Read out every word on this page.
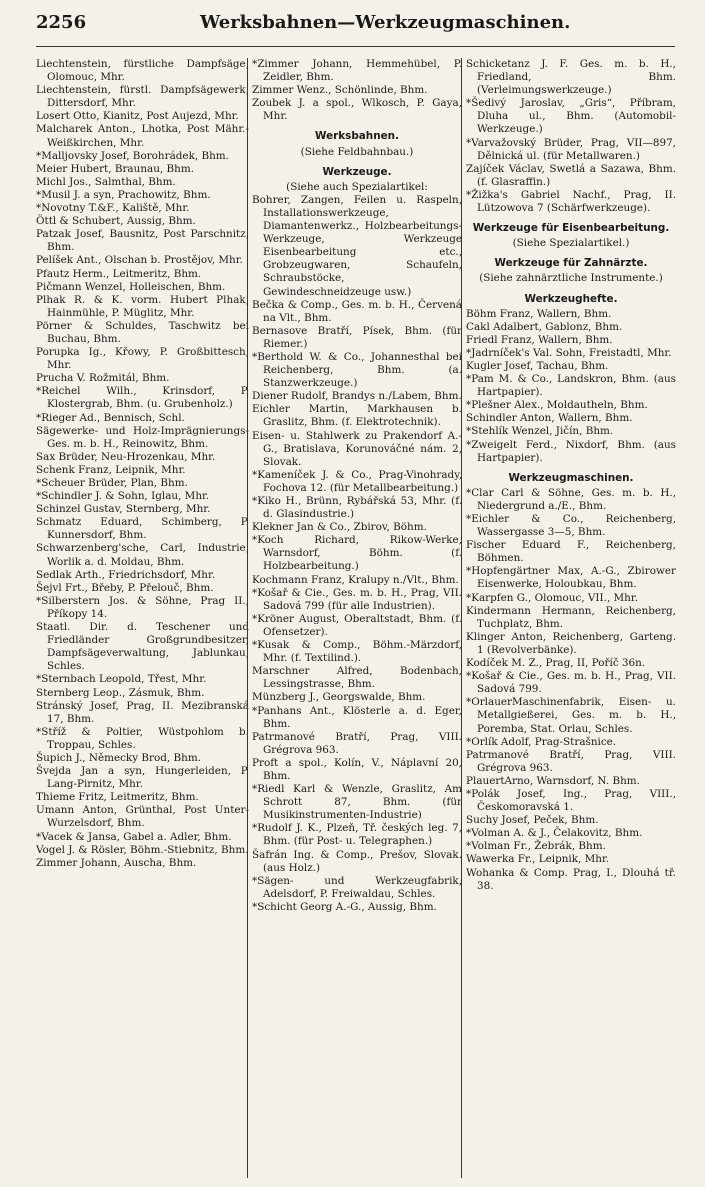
2256	Werksbahnen—Werkzeugmaschinen.
Liechtenstein, fürstliche Dampfsäge, Olomouc, Mhr.
Liechtenstein, fürstl. Dampfsägewerk, Dittersdorf, Mhr.
Losert Otto, Kianitz, Post Aujezd, Mhr.
Malcharek Anton., Lhotka, Post Mähr.-Weißkirchen, Mhr.
*Malljovsky Josef, Borohrádek, Bhm.
Meier Hubert, Braunau, Bhm.
Michl Jos., Salmthal, Bhm.
*Musil J. a syn, Prachowitz, Bhm.
*Novotny T.&F., Kaliště, Mhr.
Öttl & Schubert, Aussig, Bhm.
Patzak Josef, Bausnitz, Post Parschnitz, Bhm.
Pelíšek Ant., Olschan b. Prostějov, Mhr.
Pfautz Herm., Leitmeritz, Bhm.
Pičmann Wenzel, Holleischen, Bhm.
Plhak R. & K. vorm. Hubert Plhak, Hainmühle, P. Müglitz, Mhr.
Pörner & Schuldes, Taschwitz bei Buchau, Bhm.
Porupka Ig., Křowy, P. Großbittesch, Mhr.
Prucha V. Rožmitál, Bhm.
*Reichel Wilh., Krinsdorf, P. Klostergrab, Bhm. (u. Grubenholz.)
*Rieger Ad., Bennisch, Schl.
Sägewerke- und Holz-Imprägnierungs-Ges. m. b. H., Reinowitz, Bhm.
Sax Brüder, Neu-Hrozenkau, Mhr.
Schenk Franz, Leipnik, Mhr.
*Scheuer Brüder, Plan, Bhm.
*Schindler J. & Sohn, Iglau, Mhr.
Schinzel Gustav, Sternberg, Mhr.
Schmatz Eduard, Schimberg, P. Kunnersdorf, Bhm.
Schwarzenberg'sche, Carl, Industrie, Worlik a. d. Moldau, Bhm.
Sedlak Arth., Friedrichsdorf, Mhr.
Šejvl Frt., Břeby, P. Přelouč, Bhm.
*Silberstern Jos. & Söhne, Prag II., Příkopy 14.
Staatl. Dir. d. Teschener und Friedländer Großgrundbesitzer, Dampfsägeverwaltung, Jablunkau, Schles.
*Sternbach Leopold, Třest, Mhr.
Sternberg Leop., Zásmuk, Bhm.
Stránský Josef, Prag, II. Mezibranská 17, Bhm.
*Stříž & Poltier, Wüstpohlom b. Troppau, Schles.
Šupich J., Německy Brod, Bhm.
Švejda Jan a syn, Hungerleiden, P. Lang-Pirnitz, Mhr.
Thieme Fritz, Leitmeritz, Bhm.
Umann Anton, Grünthal, Post Unter-Wurzelsdorf, Bhm.
*Vacek & Jansa, Gabel a. Adler, Bhm.
Vogel J. & Rösler, Böhm.-Stiebnitz, Bhm.
Zimmer Johann, Auscha, Bhm.
*Zimmer Johann, Hemmehübel, P. Zeidler, Bhm.
Zimmer Wenz., Schönlinde, Bhm.
Zoubek J. a spol., Wlkosch, P. Gaya, Mhr.
Werksbahnen.
(Siehe Feldbahnbau.)
Werkzeuge.
(Siehe auch Spezialartikel:
Bohrer, Zangen, Feilen u. Raspeln, Installationswerkzeuge, Diamantenwerkz., Holzbearbeitungs-Werkzeuge, Werkzeuge Eisenbearbeitung etc., Grobzeugwaren, Schaufeln, Schraubstöcke, Gewindeschneidzeuge usw.)
Bečka & Comp., Ges. m. b. H., Červená na Vlt., Bhm.
Bernasove Bratří, Písek, Bhm. (für Riemer.)
*Berthold W. & Co., Johannesthal bei Reichenberg, Bhm. (a. Stanzwerkzeuge.)
Diener Rudolf, Brandys n./Labem, Bhm.
Eichler Martin, Markhausen b. Graslitz, Bhm. (f. Elektrotechnik).
Eisen- u. Stahlwerk zu Prakendorf A.-G., Bratislava, Korunováčné nám. 2, Slovak.
*Kameníček J. & Co., Prag-Vinohrady, Fochova 12. (für Metallbearbeitung.)
*Kiko H., Brünn, Rybářská 53, Mhr. (f. d. Glasindustrie.)
Klekner Jan & Co., Zbirov, Böhm.
*Koch Richard, Rikow-Werke, Warnsdorf, Böhm. (f. Holzbearbeitung.)
Kochmann Franz, Kralupy n./Vlt., Bhm.
*Košař & Cie., Ges. m. b. H., Prag, VII. Sadová 799 (für alle Industrien).
*Kröner August, Oberaltstadt, Bhm. (f. Ofensetzer).
*Kusak & Comp., Böhm.-Märzdorf, Mhr. (f. Textilind.).
Marschner Alfred, Bodenbach, Lessingstrasse, Bhm.
Münzberg J., Georgswalde, Bhm.
*Panhans Ant., Klösterle a. d. Eger, Bhm.
Patrmanové Bratří, Prag, VIII. Grégrova 963.
Proft a spol., Kolín, V., Náplavní 20, Bhm.
*Riedl Karl & Wenzle, Graslitz, Am Schrott 87, Bhm. (für Musikinstrumenten-Industrie)
*Rudolf J. K., Plzeň, Tř. českých leg. 7, Bhm. (für Post- u. Telegraphen.)
Šafrán Ing. & Comp., Prešov, Slovak. (aus Holz.)
*Sägen- und Werkzeugfabrik, Adelsdorf, P. Freiwaldau, Schles.
*Schicht Georg A.-G., Aussig, Bhm.
Schicketanz J. F. Ges. m. b. H., Friedland, Bhm. (Verleimungswerkzeuge.)
*Šedivý Jaroslav, „Gris“, Příbram, Dluha ul., Bhm. (Automobil-Werkzeuge.)
*Varvažovský Brüder, Prag, VII—897, Dělnická ul. (für Metallwaren.)
Zajíček Václav, Swetlá a Sazawa, Bhm. (f. Glasraffin.)
*Žižka's Gabriel Nachf., Prag, II. Lützowova 7 (Schärfwerkzeuge).
Werkzeuge für Eisenbearbeitung.
(Siehe Spezialartikel.)
Werkzeuge für Zahnärzte.
(Siehe zahnärztliche Instrumente.)
Werkzeughefte.
Böhm Franz, Wallern, Bhm.
Cakl Adalbert, Gablonz, Bhm.
Friedl Franz, Wallern, Bhm.
*Jadrníček's Val. Sohn, Freistadtl, Mhr.
Kugler Josef, Tachau, Bhm.
*Pam M. & Co., Landskron, Bhm. (aus Hartpapier).
*Plešner Alex., Moldautheln, Bhm.
Schindler Anton, Wallern, Bhm.
*Stehlík Wenzel, Jičín, Bhm.
*Zweigelt Ferd., Nixdorf, Bhm. (aus Hartpapier).
Werkzeugmaschinen.
*Clar Carl & Söhne, Ges. m. b. H., Niedergrund a./E., Bhm.
*Eichler & Co., Reichenberg, Wassergasse 3—5, Bhm.
Fischer Eduard F., Reichenberg, Böhmen.
*Hopfengärtner Max, A.-G., Zbirower Eisenwerke, Holoubkau, Bhm.
*Karpfen G., Olomouc, VII., Mhr.
Kindermann Hermann, Reichenberg, Tuchplatz, Bhm.
Klinger Anton, Reichenberg, Garteng. 1 (Revolverbänke).
Kodíček M. Z., Prag, II, Poříč 36n.
*Košař & Cie., Ges. m. b. H., Prag, VII. Sadová 799.
*OrlauerMaschinenfabrik, Eisen- u. Metallgießerei, Ges. m. b. H., Poremba, Stat. Orlau, Schles.
*Orlík Adolf, Prag-Strašnice.
Patrmanové Bratří, Prag, VIII. Grégrova 963.
PlauertArno, Warnsdorf, N. Bhm.
*Polák Josef, Ing., Prag, VIII., Českomoravská 1.
Suchy Josef, Peček, Bhm.
*Volman A. & J., Čelakovitz, Bhm.
*Volman Fr., Žebrák, Bhm.
Wawerka Fr., Leipnik, Mhr.
Wohanka & Comp. Prag, I., Dlouhá tř. 38.
